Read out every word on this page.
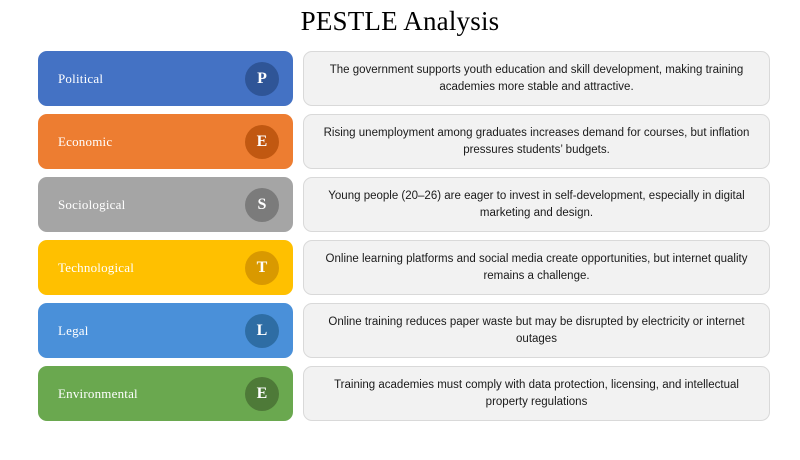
PESTLE Analysis
Political	P	The government supports youth education and skill development, making training academies more stable and attractive.
Economic	E	Rising unemployment among graduates increases demand for courses, but inflation pressures students’ budgets.
Sociological	S	Young people (20–26) are eager to invest in self-development, especially in digital marketing and design.
Technological	T	Online learning platforms and social media create opportunities, but internet quality remains a challenge.
Legal	L	Online training reduces paper waste but may be disrupted by electricity or internet outages
Environmental	E	Training academies must comply with data protection, licensing, and intellectual property regulations
